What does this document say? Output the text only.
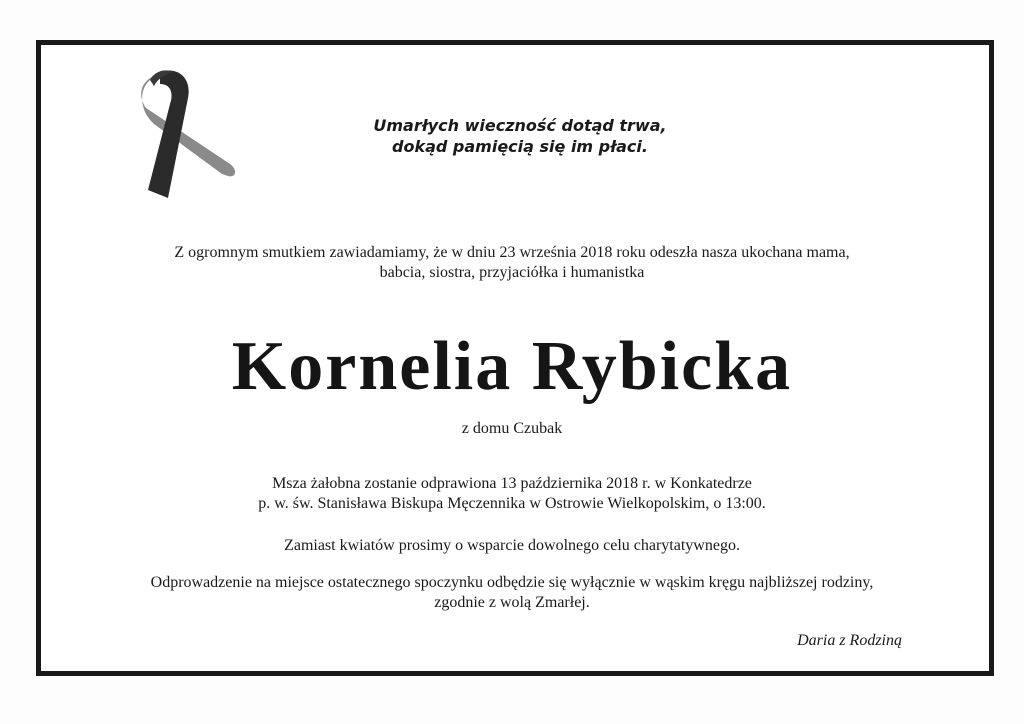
Umarłych wieczność dotąd trwa,
dokąd pamięcią się im płaci.
Z ogromnym smutkiem zawiadamiamy, że w dniu 23 września 2018 roku odeszła nasza ukochana mama,
babcia, siostra, przyjaciółka i humanistka
Kornelia Rybicka
z domu Czubak
Msza żałobna zostanie odprawiona 13 października 2018 r. w Konkatedrze
p. w. św. Stanisława Biskupa Męczennika w Ostrowie Wielkopolskim, o 13:00.
Zamiast kwiatów prosimy o wsparcie dowolnego celu charytatywnego.
Odprowadzenie na miejsce ostatecznego spoczynku odbędzie się wyłącznie w wąskim kręgu najbliższej rodziny,
zgodnie z wolą Zmarłej.
Daria z Rodziną
